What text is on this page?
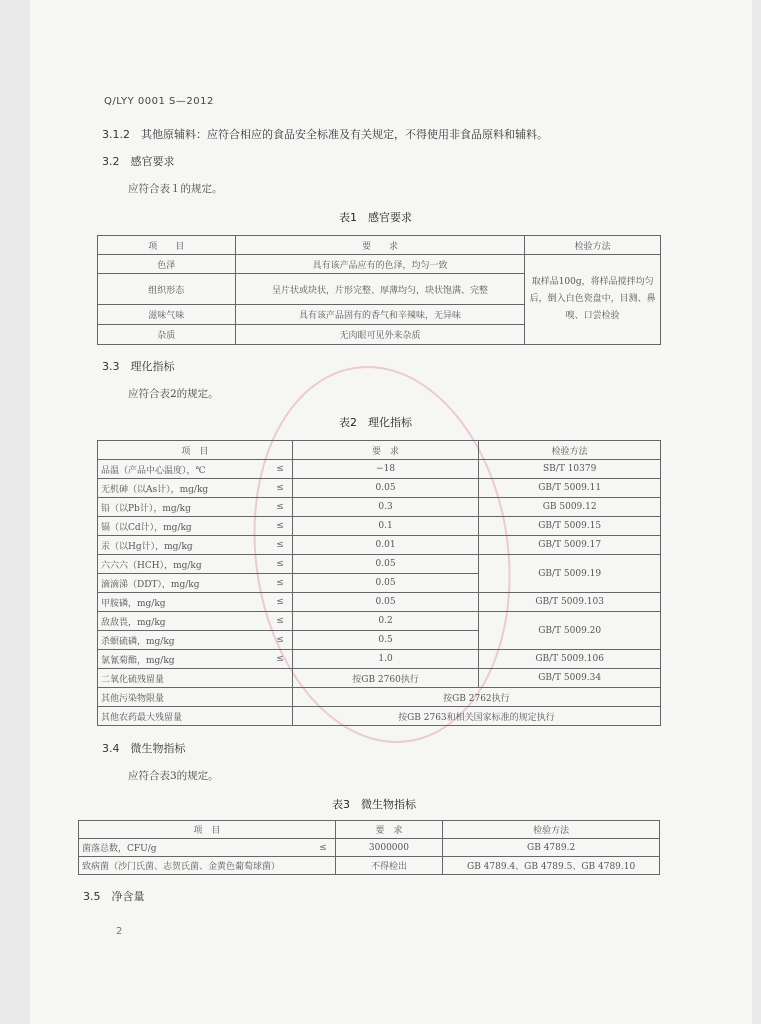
Q/LYY 0001 S—2012
3.1.2　其他原辅料：应符合相应的食品安全标准及有关规定，不得使用非食品原料和辅料。
3.2　感官要求
应符合表１的规定。
表1　感官要求
项　　目	要　　求	检验方法
色泽	具有该产品应有的色泽，均匀一致	取样品100g，将样品搅拌均匀后，倒入白色瓷盘中，目测、鼻嗅、口尝检验
组织形态	呈片状或块状，片形完整、厚薄均匀，块状饱满、完整	
滋味气味	具有该产品固有的香气和辛辣味，无异味	
杂质	无肉眼可见外来杂质	
3.3　理化指标
应符合表2的规定。
表2　理化指标
项　目		要　求	检验方法
品温（产品中心温度），℃	≤	−18	SB/T 10379
无机砷（以As计），mg/kg	≤	0.05	GB/T 5009.11
铅（以Pb计），mg/kg	≤	0.3	GB 5009.12
镉（以Cd计），mg/kg	≤	0.1	GB/T 5009.15
汞（以Hg计），mg/kg	≤	0.01	GB/T 5009.17
六六六（HCH），mg/kg	≤	0.05	GB/T 5009.19
滴滴涕（DDT），mg/kg	≤	0.05	
甲胺磷，mg/kg	≤	0.05	GB/T 5009.103
敌敌畏，mg/kg	≤	0.2	GB/T 5009.20
杀螟硫磷，mg/kg	≤	0.5	
氯氰菊酯，mg/kg	≤	1.0	GB/T 5009.106
二氧化硫残留量		按GB 2760执行	GB/T 5009.34
其他污染物限量		按GB 2762执行	
其他农药最大残留量		按GB 2763和相关国家标准的规定执行	
3.4　微生物指标
应符合表3的规定。
表3　微生物指标
项　目		要　求	检验方法
菌落总数，CFU/g	≤	3000000	GB 4789.2
致病菌（沙门氏菌、志贺氏菌、金黄色葡萄球菌）		不得检出	GB 4789.4、GB 4789.5、GB 4789.10
3.5　净含量
2
